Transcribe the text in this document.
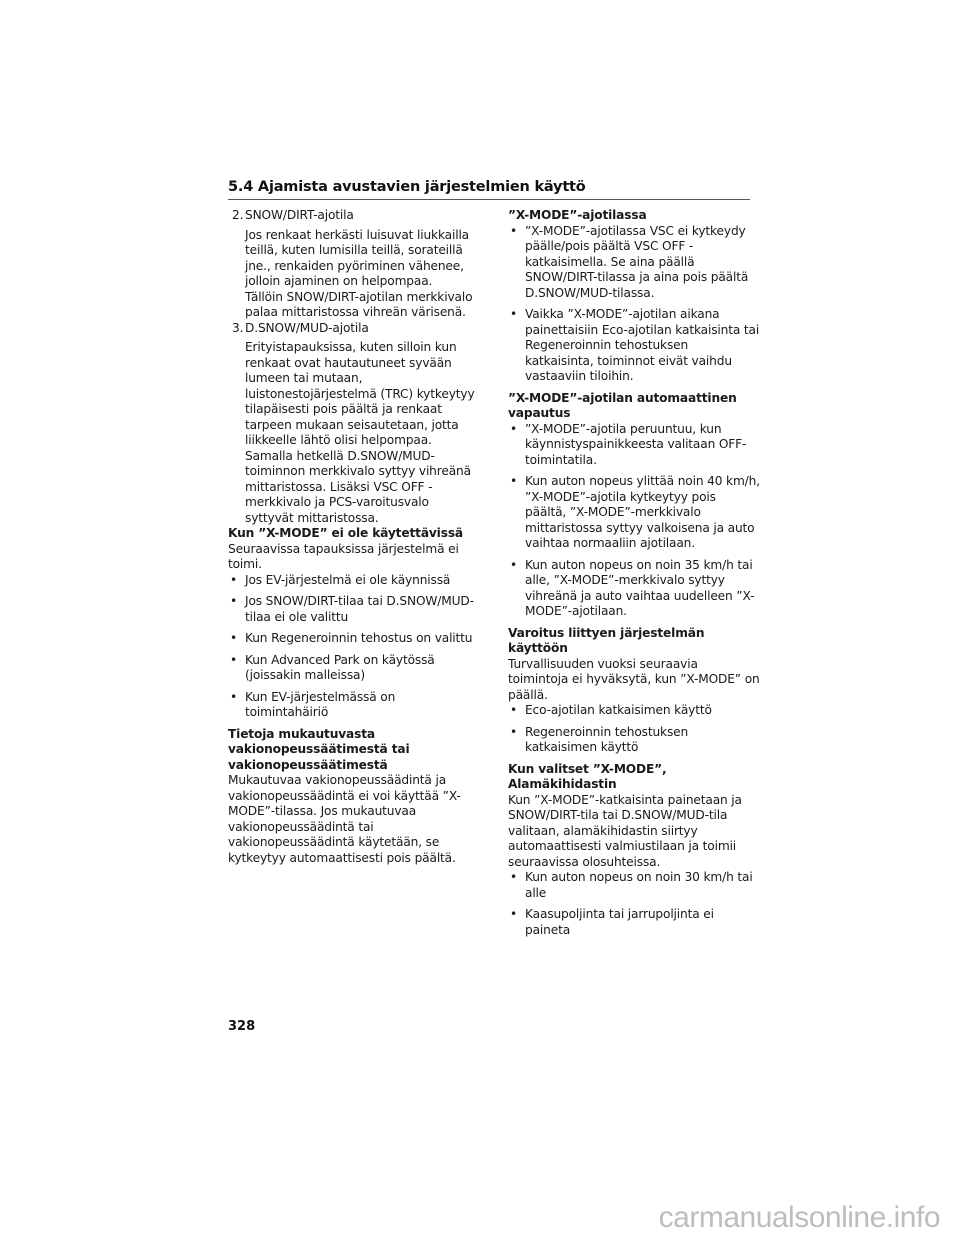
5.4 Ajamista avustavien järjestelmien käyttö
2. SNOW/DIRT-ajotila

Jos renkaat herkästi luisuvat liukkailla teillä, kuten lumisilla teillä, sorateillä jne., renkaiden pyöriminen vähenee, jolloin ajaminen on helpompaa.

Tällöin SNOW/DIRT-ajotilan merkkivalo palaa mittaristossa vihreän värisenä.

3. D.SNOW/MUD-ajotila

Erityistapauksissa, kuten silloin kun renkaat ovat hautautuneet syvään lumeen tai mutaan, luistonestojärjestelmä (TRC) kytkeytyy tilapäisesti pois päältä ja renkaat tarpeen mukaan seisautetaan, jotta liikkeelle lähtö olisi helpompaa.

Samalla hetkellä D.SNOW/MUD-toiminnon merkkivalo syttyy vihreänä mittaristossa. Lisäksi VSC OFF -merkkivalo ja PCS-varoitusvalo syttyvät mittaristossa.

Kun ”X-MODE” ei ole käytettävissä

Seuraavissa tapauksissa järjestelmä ei toimi.

• Jos EV-järjestelmä ei ole käynnissä
• Jos SNOW/DIRT-tilaa tai D.SNOW/MUD-tilaa ei ole valittu
• Kun Regeneroinnin tehostus on valittu
• Kun Advanced Park on käytössä (joissakin malleissa)
• Kun EV-järjestelmässä on toimintahäiriö

Tietoja mukautuvasta vakionopeussäätimestä tai vakionopeussäätimestä

Mukautuvaa vakionopeussäädintä ja vakionopeussäädintä ei voi käyttää ”X-MODE”-tilassa. Jos mukautuvaa vakionopeussäädintä tai vakionopeussäädintä käytetään, se kytkeytyy automaattisesti pois päältä.

”X-MODE”-ajotilassa

• ”X-MODE”-ajotilassa VSC ei kytkeydy päälle/pois päältä VSC OFF -katkaisimella. Se aina päällä SNOW/DIRT-tilassa ja aina pois päältä D.SNOW/MUD-tilassa.
• Vaikka ”X-MODE”-ajotilan aikana painettaisiin Eco-ajotilan katkaisinta tai Regeneroinnin tehostuksen katkaisinta, toiminnot eivät vaihdu vastaaviin tiloihin.

”X-MODE”-ajotilan automaattinen vapautus

• ”X-MODE”-ajotila peruuntuu, kun käynnistyspainikkeesta valitaan OFF-toimintatila.
• Kun auton nopeus ylittää noin 40 km/h, ”X-MODE”-ajotila kytkeytyy pois päältä, ”X-MODE”-merkkivalo mittaristossa syttyy valkoisena ja auto vaihtaa normaaliin ajotilaan.
• Kun auton nopeus on noin 35 km/h tai alle, ”X-MODE”-merkkivalo syttyy vihreänä ja auto vaihtaa uudelleen ”X-MODE”-ajotilaan.

Varoitus liittyen järjestelmän käyttöön

Turvallisuuden vuoksi seuraavia toimintoja ei hyväksytä, kun ”X-MODE” on päällä.

• Eco-ajotilan katkaisimen käyttö
• Regeneroinnin tehostuksen katkaisimen käyttö

Kun valitset ”X-MODE”, Alamäkihidastin

Kun ”X-MODE”-katkaisinta painetaan ja SNOW/DIRT-tila tai D.SNOW/MUD-tila valitaan, alamäkihidastin siirtyy automaattisesti valmiustilaan ja toimii seuraavissa olosuhteissa.

• Kun auton nopeus on noin 30 km/h tai alle
• Kaasupoljinta tai jarrupoljinta ei paineta
328
carmanualsonline.info
